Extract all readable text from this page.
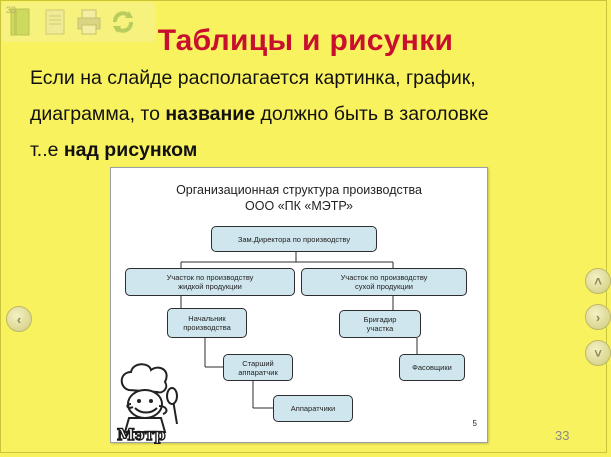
33
Таблицы и рисунки
Если на слайде располагается картинка, график,
диаграмма, то название должно быть в заголовке
т..е над рисунком
Организационная структура производства
ООО «ПК «МЭТР»
Зам.Директора по производству
Участок по производству
жидкой продукции
Участок по производству
сухой продукции
Начальник
производства
Бригадир
участка
Старший
аппаратчик	Фасовщики
Аппаратчики
Мэтр
5
33
‹
˄
›
˅
